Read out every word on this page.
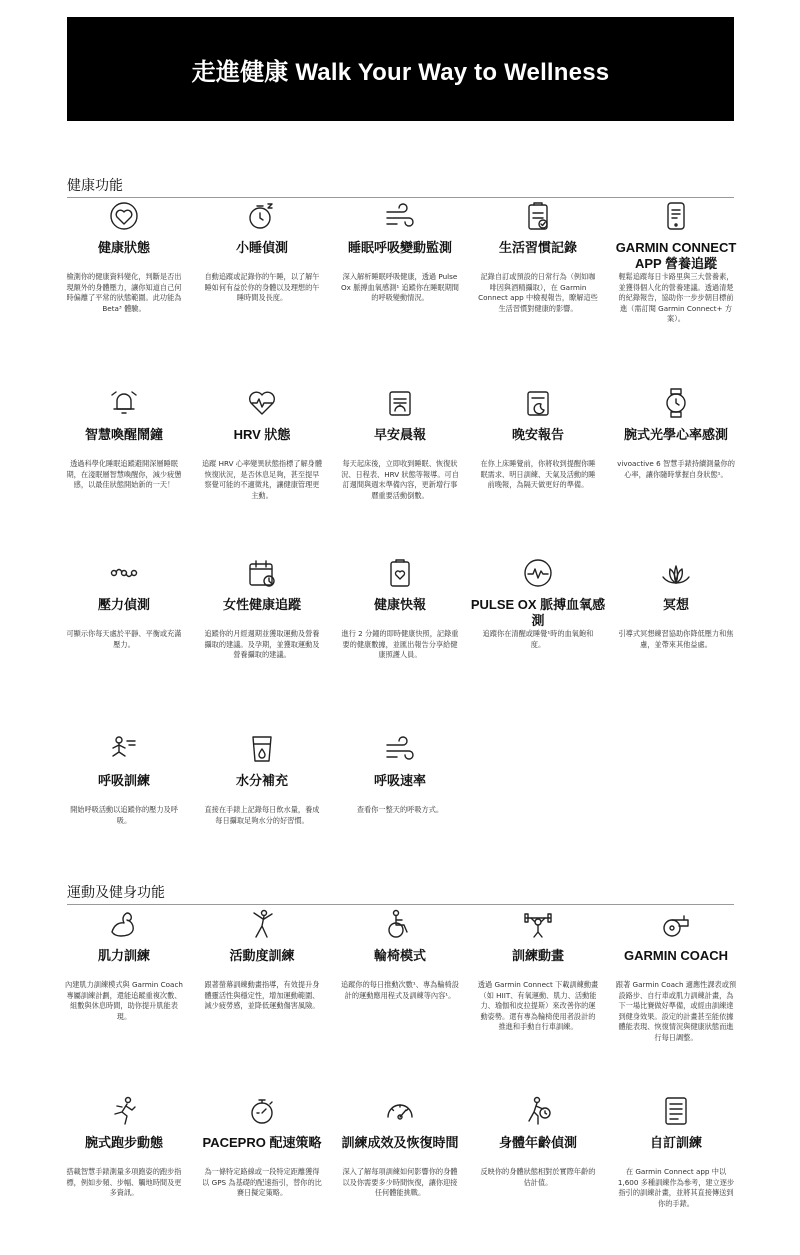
走進健康 Walk Your Way to Wellness
健康功能
健康狀態
檢測你的健康資料變化，判斷是否出現額外的身體壓力，讓你知道自己何時偏離了平常的狀態範圍。此功能為 Beta³ 體驗。
小睡偵測
自動追蹤或記錄你的午睡，以了解午睡如何有益於你的身體以及理想的午睡時間及長度。
睡眠呼吸變動監測
深入解析睡眠呼吸健康，透過 Pulse Ox 脈搏血氧感測¹ 追蹤你在睡眠期間的呼吸變動情況。
生活習慣記錄
記錄自訂或預設的日常行為（例如咖啡因與酒精攝取），在 Garmin Connect app 中檢視報告，瞭解這些生活習慣對健康的影響。
GARMIN CONNECT APP 營養追蹤
輕鬆追蹤每日卡路里與三大營養素，並獲得個人化的營養建議。透過清楚的紀錄報告，協助你一步步朝目標前進（需訂閱 Garmin Connect+ 方案）。
智慧喚醒鬧鐘
透過科學化睡眠追蹤避開深層睡眠期，在淺眠層智慧喚醒你，減少疲憊感，以最佳狀態開始新的一天！
HRV 狀態
追蹤 HRV 心率變異狀態指標了解身體恢復狀況，是否休息足夠，甚至提早察覺可能的不適徵兆，讓健康管理更主動。
早安晨報
每天起床後，立即收到睡眠、恢復狀況、日程表、HRV 狀態等報導。可自訂週間與週末準備內容，更新增行事曆重要活動倒數。
晚安報告
在你上床睡覺前，你將收到提醒你睡眠需求、明日訓練、天氣及活動的睡前晚報，為隔天做更好的準備。
腕式光學心率感測
vivoactive 6 智慧手錶持續測量你的心率，讓你隨時掌握自身狀態¹。
壓力偵測
可顯示你每天處於平靜、平衡或充滿壓力。
女性健康追蹤
追蹤你的月經週期並獲取運動及營養攝取的建議。及孕期，並獲取運動及營養攝取的建議。
健康快報
進行 2 分鐘的即時健康快照，記錄重要的健康數據，並匯出報告分享給健康照護人員。
PULSE OX 脈搏血氧感測
追蹤你在清醒或睡覺¹時的血氧飽和度。
冥想
引導式冥想練習協助你降低壓力和焦慮，並帶來其他益處。
呼吸訓練
開始呼吸活動以追蹤你的壓力及呼吸。
水分補充
直接在手錶上記錄每日飲水量，養成每日攝取足夠水分的好習慣。
呼吸速率
查看你一整天的呼吸方式。
運動及健身功能
肌力訓練
內建肌力訓練模式與 Garmin Coach 專屬訓練計劃，還能追蹤重複次數、組數與休息時間，助你提升肌能表現。
活動度訓練
跟著螢幕訓練動畫指導，有效提升身體靈活性與穩定性，增加運動範圍、減少疲勞感，並降低運動傷害風險。
輪椅模式
追蹤你的每日推動次數¹、專為輪椅設計的運動應用程式及訓練等內容¹。
訓練動畫
透過 Garmin Connect 下載訓練動畫（如 HIIT、有氧運動、肌力、活動能力、瑜伽和皮拉提斯）來改善你的運動姿勢。還有專為輪椅使用者設計的推進和手動自行車訓練。
GARMIN COACH
跟著 Garmin Coach 適應性課表或預設路步、自行車或肌力訓練計畫，為下一場比賽做好準備，或經由訓練達到健身效果。設定的計畫甚至能依據體能表現、恢復情況與健康狀態而進行每日調整。
腕式跑步動態
搭載智慧手錶測量多項跑姿的跑步指標，例如步頻、步幅、觸地時間及更多資訊。
PACEPRO 配速策略
為一條特定路線或一段特定距離獲得以 GPS 為基礎的配速指引，替你的比賽日擬定策略。
訓練成效及恢復時間
深入了解每項訓練如何影響你的身體以及你需要多少時間恢復，讓你迎接任何體能挑戰。
身體年齡偵測
反映你的身體狀態相對於實際年齡的估計值。
自訂訓練
在 Garmin Connect app 中以 1,600 多種訓練作為參考，建立逐步指引的訓練計畫，並將其直接傳送到你的手錶。
